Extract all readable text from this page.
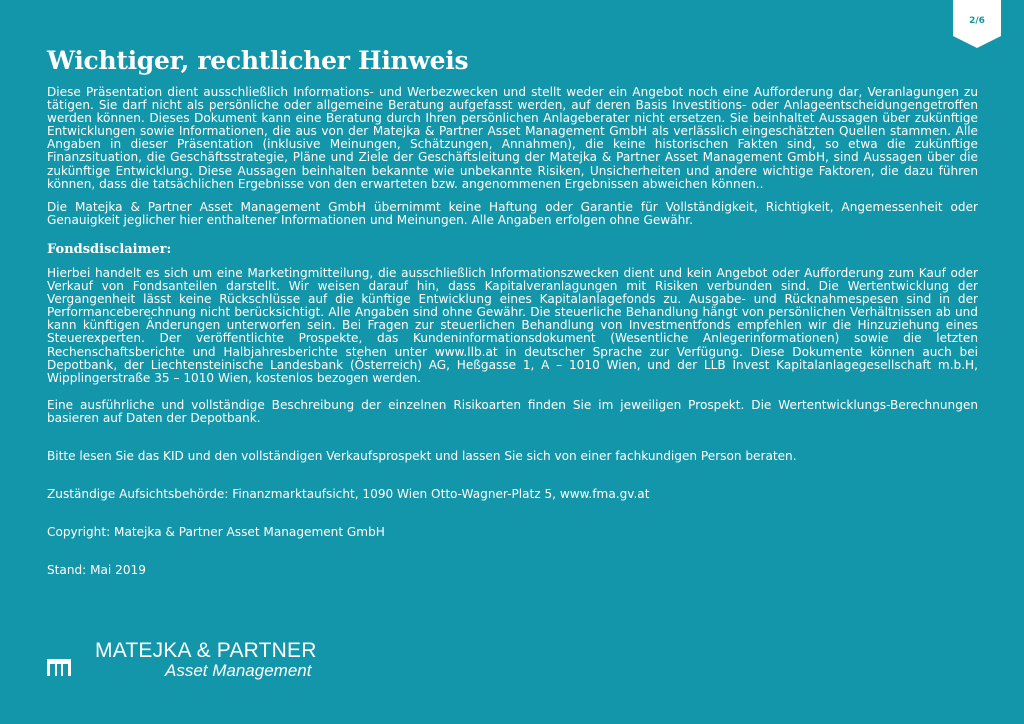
2/6
Wichtiger, rechtlicher Hinweis

Diese Präsentation dient ausschließlich Informations- und Werbezwecken und stellt weder ein Angebot noch eine Aufforderung dar, Veranlagungen zu tätigen. Sie darf nicht als persönliche oder allgemeine Beratung aufgefasst werden, auf deren Basis Investitions- oder Anlageentscheidungengetroffen werden können. Dieses Dokument kann eine Beratung durch Ihren persönlichen Anlageberater nicht ersetzen. Sie beinhaltet Aussagen über zukünftige Entwicklungen sowie Informationen, die aus von der Matejka & Partner Asset Management GmbH als verlässlich eingeschätzten Quellen stammen. Alle Angaben in dieser Präsentation (inklusive Meinungen, Schätzungen, Annahmen), die keine historischen Fakten sind, so etwa die zukünftige Finanzsituation, die Geschäftsstrategie, Pläne und Ziele der Geschäftsleitung der Matejka & Partner Asset Management GmbH, sind Aussagen über die zukünftige Entwicklung. Diese Aussagen beinhalten bekannte wie unbekannte Risiken, Unsicherheiten und andere wichtige Faktoren, die dazu führen können, dass die tatsächlichen Ergebnisse von den erwarteten bzw. angenommenen Ergebnissen abweichen können..

Die Matejka & Partner Asset Management GmbH übernimmt keine Haftung oder Garantie für Vollständigkeit, Richtigkeit, Angemessenheit oder Genauigkeit jeglicher hier enthaltener Informationen und Meinungen. Alle Angaben erfolgen ohne Gewähr.

Fondsdisclaimer:

Hierbei handelt es sich um eine Marketingmitteilung, die ausschließlich Informationszwecken dient und kein Angebot oder Aufforderung zum Kauf oder Verkauf von Fondsanteilen darstellt. Wir weisen darauf hin, dass Kapitalveranlagungen mit Risiken verbunden sind. Die Wertentwicklung der Vergangenheit lässt keine Rückschlüsse auf die künftige Entwicklung eines Kapitalanlagefonds zu. Ausgabe- und Rücknahmespesen sind in der Performanceberechnung nicht berücksichtigt. Alle Angaben sind ohne Gewähr. Die steuerliche Behandlung hängt von persönlichen Verhältnissen ab und kann künftigen Änderungen unterworfen sein. Bei Fragen zur steuerlichen Behandlung von Investmentfonds empfehlen wir die Hinzuziehung eines Steuerexperten. Der veröffentlichte Prospekte, das Kundeninformationsdokument (Wesentliche Anlegerinformationen) sowie die letzten Rechenschaftsberichte und Halbjahresberichte stehen unter www.llb.at in deutscher Sprache zur Verfügung. Diese Dokumente können auch bei Depotbank, der Liechtensteinische Landesbank (Österreich) AG, Heßgasse 1, A – 1010 Wien, und der LLB Invest Kapitalanlagegesellschaft m.b.H, Wipplingerstraße 35 – 1010 Wien, kostenlos bezogen werden.

Eine ausführliche und vollständige Beschreibung der einzelnen Risikoarten finden Sie im jeweiligen Prospekt. Die Wertentwicklungs-Berechnungen basieren auf Daten der Depotbank.

Bitte lesen Sie das KID und den vollständigen Verkaufsprospekt und lassen Sie sich von einer fachkundigen Person beraten.

Zuständige Aufsichtsbehörde: Finanzmarktaufsicht, 1090 Wien Otto-Wagner-Platz 5, www.fma.gv.at

Copyright: Matejka & Partner Asset Management GmbH

Stand: Mai 2019

MATEJKA & PARTNER
Asset Management
